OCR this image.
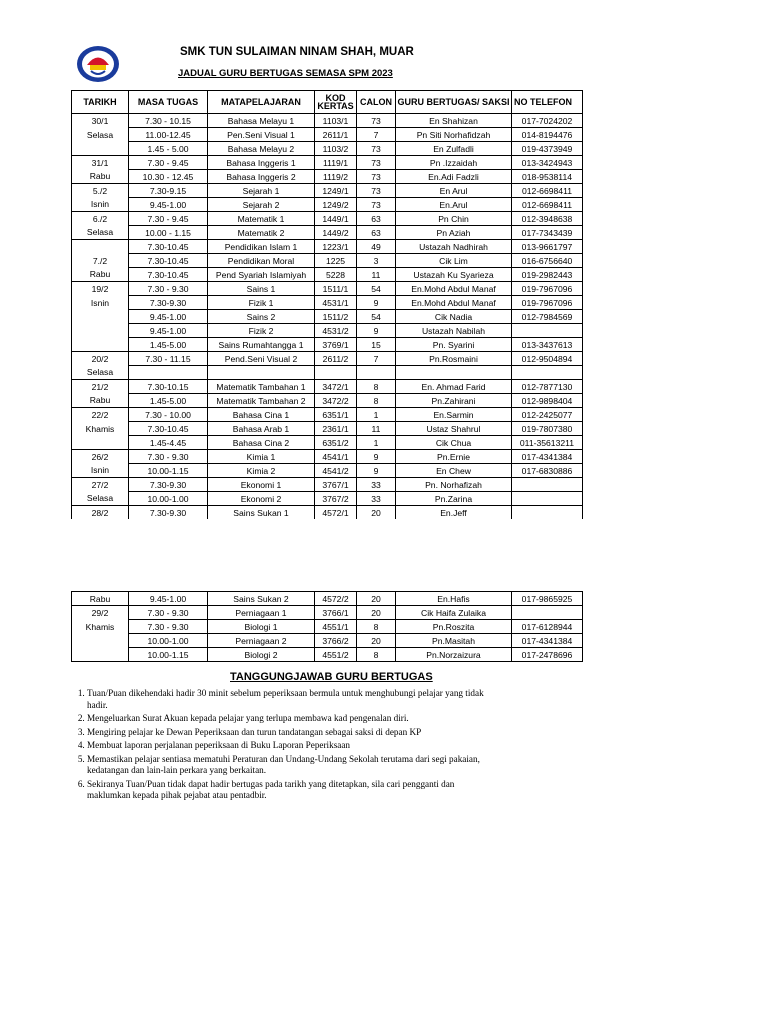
SMK TUN SULAIMAN NINAM SHAH, MUAR
JADUAL GURU BERTUGAS SEMASA SPM 2023
TARIKH	MASA TUGAS	MATAPELAJARAN	KOD KERTAS	CALON	GURU BERTUGAS/ SAKSI	NO TELEFON
30/1	7.30 - 10.15	Bahasa Melayu 1	1103/1	73	En Shahizan	017-7024202
Selasa	11.00-12.45	Pen.Seni Visual 1	2611/1	7	Pn Siti Norhafidzah	014-8194476
	1.45 - 5.00	Bahasa Melayu 2	1103/2	73	En Zulfadli	019-4373949
31/1	7.30 - 9.45	Bahasa Inggeris 1	1119/1	73	Pn .Izzaidah	013-3424943
Rabu	10.30 - 12.45	Bahasa Inggeris 2	1119/2	73	En.Adi Fadzli	018-9538114
5./2	7.30-9.15	Sejarah 1	1249/1	73	En Arul	012-6698411
Isnin	9.45-1.00	Sejarah 2	1249/2	73	En.Arul	012-6698411
6./2	7.30 - 9.45	Matematik 1	1449/1	63	Pn Chin	012-3948638
Selasa	10.00 - 1.15	Matematik 2	1449/2	63	Pn Aziah	017-7343439
	7.30-10.45	Pendidikan Islam 1	1223/1	49	Ustazah Nadhirah	013-9661797
7./2	7.30-10.45	Pendidikan Moral	1225	3	Cik Lim	016-6756640
Rabu	7.30-10.45	Pend Syariah Islamiyah	5228	11	Ustazah Ku Syarieza	019-2982443
19/2	7.30 - 9.30	Sains 1	1511/1	54	En.Mohd Abdul Manaf	019-7967096
Isnin	7.30-9.30	Fizik 1	4531/1	9	En.Mohd Abdul Manaf	019-7967096
	9.45-1.00	Sains 2	1511/2	54	Cik Nadia	012-7984569
	9.45-1.00	Fizik 2	4531/2	9	Ustazah Nabilah	
	1.45-5.00	Sains Rumahtangga 1	3769/1	15	Pn. Syarini	013-3437613
20/2	7.30 - 11.15	Pend.Seni Visual 2	2611/2	7	Pn.Rosmaini	012-9504894
Selasa						
21/2	7.30-10.15	Matematik Tambahan 1	3472/1	8	En. Ahmad Farid	012-7877130
Rabu	1.45-5.00	Matematik Tambahan 2	3472/2	8	Pn.Zahirani	012-9898404
22/2	7.30 - 10.00	Bahasa Cina 1	6351/1	1	En.Sarmin	012-2425077
Khamis	7.30-10.45	Bahasa Arab 1	2361/1	11	Ustaz Shahrul	019-7807380
	1.45-4.45	Bahasa Cina 2	6351/2	1	Cik Chua	011-35613211
26/2	7.30 - 9.30	Kimia 1	4541/1	9	Pn.Ernie	017-4341384
Isnin	10.00-1.15	Kimia 2	4541/2	9	En Chew	017-6830886
27/2	7.30-9.30	Ekonomi 1	3767/1	33	Pn. Norhafizah	
Selasa	10.00-1.00	Ekonomi 2	3767/2	33	Pn.Zarina	
28/2	7.30-9.30	Sains Sukan 1	4572/1	20	En.Jeff	
Rabu	9.45-1.00	Sains Sukan 2	4572/2	20	En.Hafis	017-9865925
29/2	7.30 - 9.30	Perniagaan 1	3766/1	20	Cik Haifa Zulaika	
Khamis	7.30 - 9.30	Biologi 1	4551/1	8	Pn.Roszita	017-6128944
	10.00-1.00	Perniagaan 2	3766/2	20	Pn.Masitah	017-4341384
	10.00-1.15	Biologi 2	4551/2	8	Pn.Norzaizura	017-2478696
TANGGUNGJAWAB GURU BERTUGAS
1. Tuan/Puan dikehendaki hadir 30 minit sebelum peperiksaan bermula untuk menghubungi pelajar yang tidak hadir.
2. Mengeluarkan Surat Akuan kepada pelajar yang terlupa membawa kad pengenalan diri.
3. Mengiring pelajar ke Dewan Peperiksaan dan turun tandatangan sebagai saksi di depan KP
4. Membuat laporan perjalanan peperiksaan di Buku Laporan Peperiksaan
5. Memastikan pelajar sentiasa mematuhi Peraturan dan Undang-Undang Sekolah terutama dari segi pakaian, kedatangan dan lain-lain perkara yang berkaitan.
6. Sekiranya Tuan/Puan tidak dapat hadir bertugas pada tarikh yang ditetapkan, sila cari pengganti dan maklumkan kepada pihak pejabat atau pentadbir.
